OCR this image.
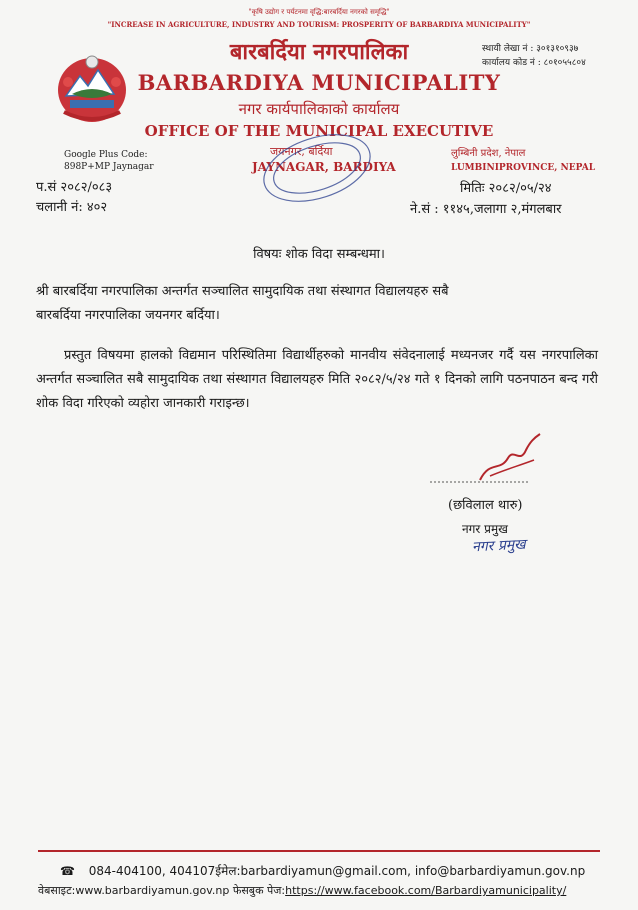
"कृषि उद्योग र पर्यटनमा वृद्धि:बारबर्दिया नगरको समृद्धि"
"INCREASE IN AGRICULTURE, INDUSTRY AND TOURISM: PROSPERITY OF BARBARDIYA MUNICIPALITY"
बारबर्दिया नगरपालिका
BARBARDIYA MUNICIPALITY
नगर कार्यपालिकाको कार्यालय
OFFICE OF THE MUNICIPAL EXECUTIVE
जयनगर, बर्दिया
JAYNAGAR, BARDIYA
स्थायी लेखा नं : ३०१३१०९३७
कार्यालय कोड नं : ८०१०५५८०४
Google Plus Code:
898P+MP Jaynagar
लुम्बिनी प्रदेश, नेपाल
LUMBINIPROVINCE, NEPAL
प.सं २०८२/०८३
चलानी नं: ४०२
मितिः २०८२/०५/२४
ने.सं : ११४५,जलागा २,मंगलबार
विषयः शोक विदा सम्बन्धमा।
श्री बारबर्दिया नगरपालिका अन्तर्गत सञ्चालित सामुदायिक तथा संस्थागत विद्यालयहरु सबै
बारबर्दिया नगरपालिका जयनगर बर्दिया।
प्रस्तुत विषयमा हालको विद्यमान परिस्थितिमा विद्यार्थीहरुको मानवीय संवेदनालाई मध्यनजर गर्दै यस नगरपालिका अन्तर्गत सञ्चालित सबै सामुदायिक तथा संस्थागत विद्यालयहरु मिति २०८२/५/२४ गते १ दिनको लागि पठनपाठन बन्द गरी शोक विदा गरिएको व्यहोरा जानकारी गराइन्छ।
(छविलाल थारु)
नगर प्रमुख
नगर प्रमुख
☎ 084-404100, 404107ईमेल:barbardiyamun@gmail.com, info@barbardiyamun.gov.np
वेबसाइट:www.barbardiyamun.gov.np फेसबुक पेज:https://www.facebook.com/Barbardiyamunicipality/
